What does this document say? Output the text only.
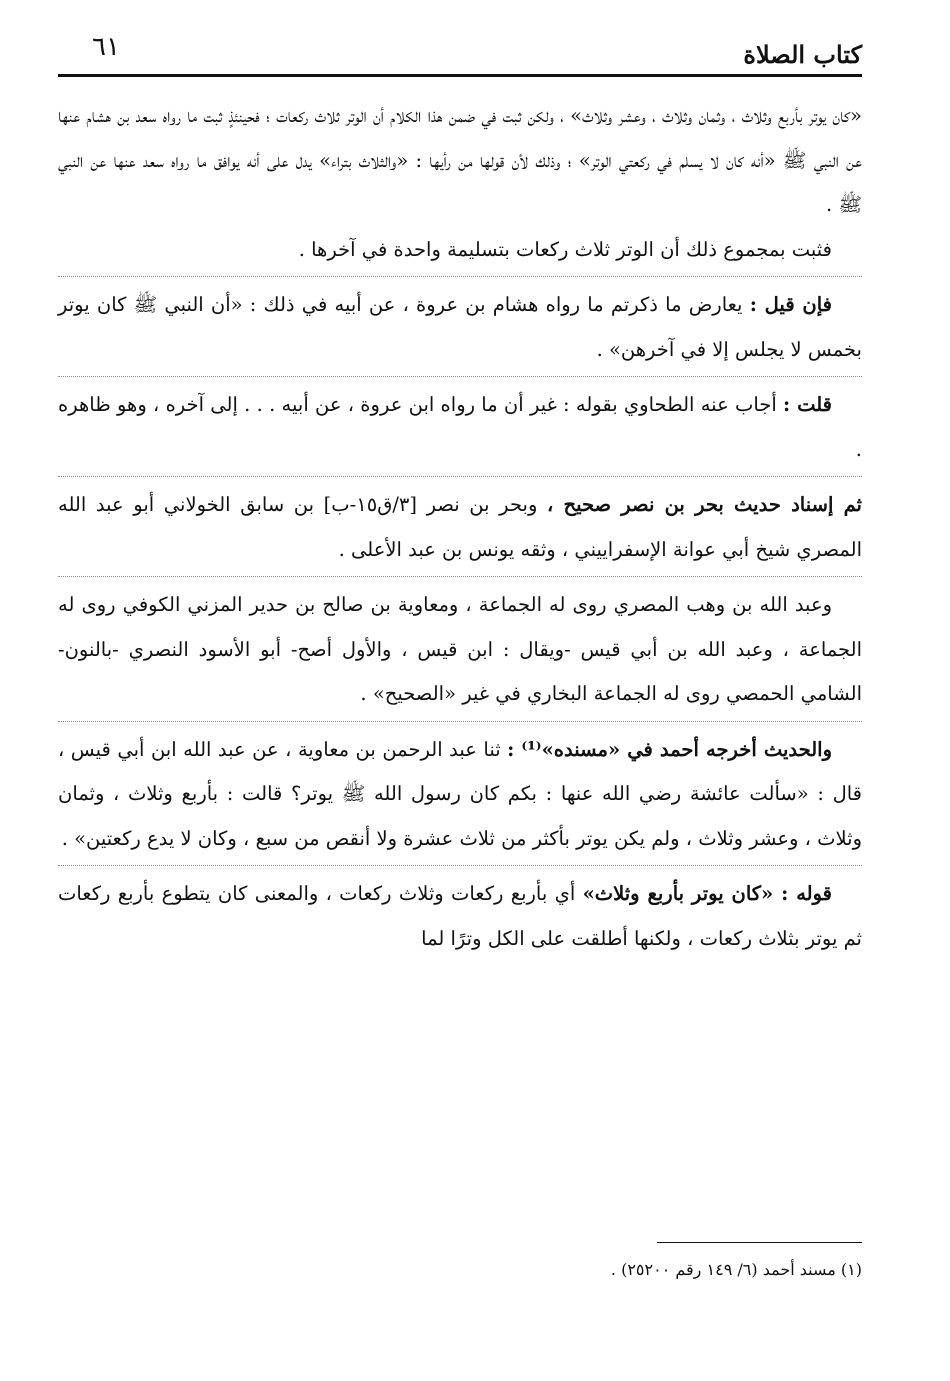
كتاب الصلاة
٦١

«كان يوتر بأربع وثلاث ، وثمان وثلاث ، وعشر وثلاث» ، ولكن ثبت في ضمن هذا الكلام أن الوتر ثلاث ركعات ؛ فحينئذٍ ثبت ما رواه سعد بن هشام عنها عن النبي ﷺ «أنه كان لا يسلم في ركعتي الوتر» ؛ وذلك لأن قولها من رأيها : «والثلاث بتراء» يدل على أنه يوافق ما رواه سعد عنها عن النبي ﷺ .

فثبت بمجموع ذلك أن الوتر ثلاث ركعات بتسليمة واحدة في آخرها .

فإن قيل : يعارض ما ذكرتم ما رواه هشام بن عروة ، عن أبيه في ذلك : «أن النبي ﷺ كان يوتر بخمس لا يجلس إلا في آخرهن» .

قلت : أجاب عنه الطحاوي بقوله : غير أن ما رواه ابن عروة ، عن أبيه . . . إلى آخره ، وهو ظاهره .

ثم إسناد حديث بحر بن نصر صحيح ، وبحر بن نصر [٣/ق١٥-ب] بن سابق الخولاني أبو عبد الله المصري شيخ أبي عوانة الإسفراييني ، وثقه يونس بن عبد الأعلى .

وعبد الله بن وهب المصري روى له الجماعة ، ومعاوية بن صالح بن حدير المزني الكوفي روى له الجماعة ، وعبد الله بن أبي قيس -ويقال : ابن قيس ، والأول أصح- أبو الأسود النصري -بالنون- الشامي الحمصي روى له الجماعة البخاري في غير «الصحيح» .

والحديث أخرجه أحمد في «مسنده»⁽¹⁾ : ثنا عبد الرحمن بن معاوية ، عن عبد الله ابن أبي قيس ، قال : «سألت عائشة رضي الله عنها : بكم كان رسول الله ﷺ يوتر؟ قالت : بأربع وثلاث ، وثمان وثلاث ، وعشر وثلاث ، ولم يكن يوتر بأكثر من ثلاث عشرة ولا أنقص من سبع ، وكان لا يدع ركعتين» .

قوله : «كان يوتر بأربع وثلاث» أي بأربع ركعات وثلاث ركعات ، والمعنى كان يتطوع بأربع ركعات ثم يوتر بثلاث ركعات ، ولكنها أطلقت على الكل وترًا لما

(١) مسند أحمد (٦/ ١٤٩ رقم ٢٥٢٠٠) .
